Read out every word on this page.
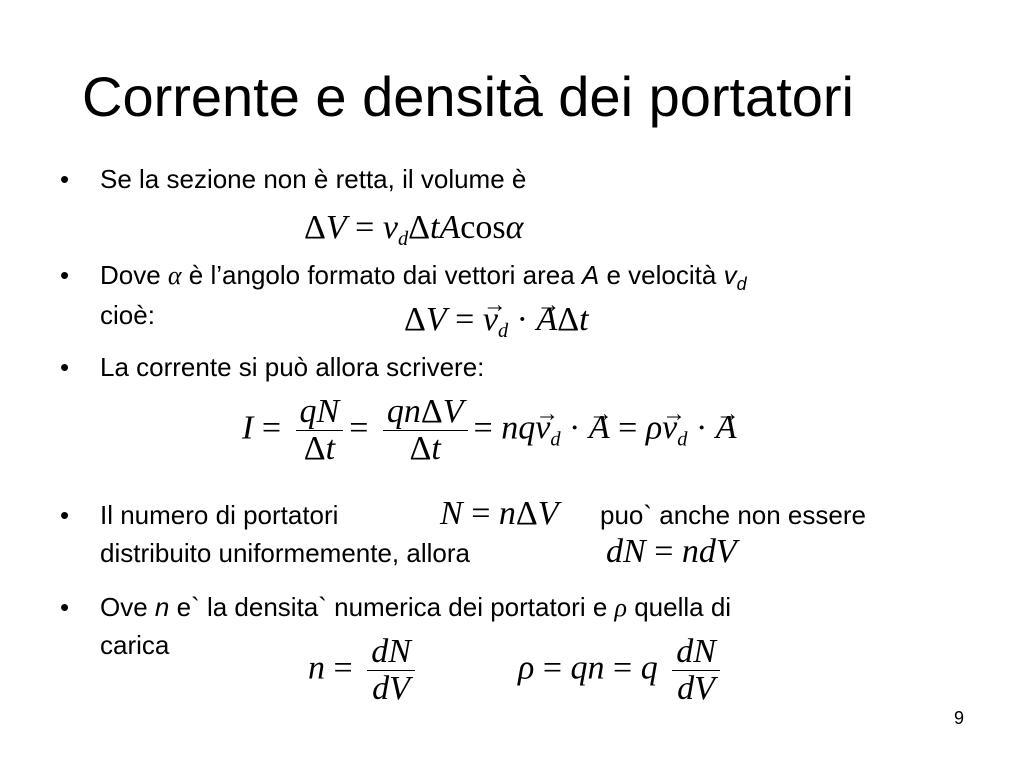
Corrente e densità dei portatori
• Se la sezione non è retta, il volume è
$\Delta V = v_d\Delta tAcos\alpha$
• Dove α è l’angolo formato dai vettori area A e velocità $v_d$
cioè:	ΔV = → $v_d$ · → AΔt
• La corrente si può allora scrivere:
$I = \frac{qN}{\Delta t} = \frac{\text{qnΔV}}{\Delta t} = nq\to v_d$ · → $A = \rho\to v_d$ · → A
• Il numero di portatori	N = nΔV puo` anche non essere
distribuito uniformemente, allora	dN = ndV
• Ove n e` la densita` numerica dei portatori e ρ quella di
carica
$n = \frac{dN}{dV}$	ρ = qn = q $\frac{dN}{dV}$
9
